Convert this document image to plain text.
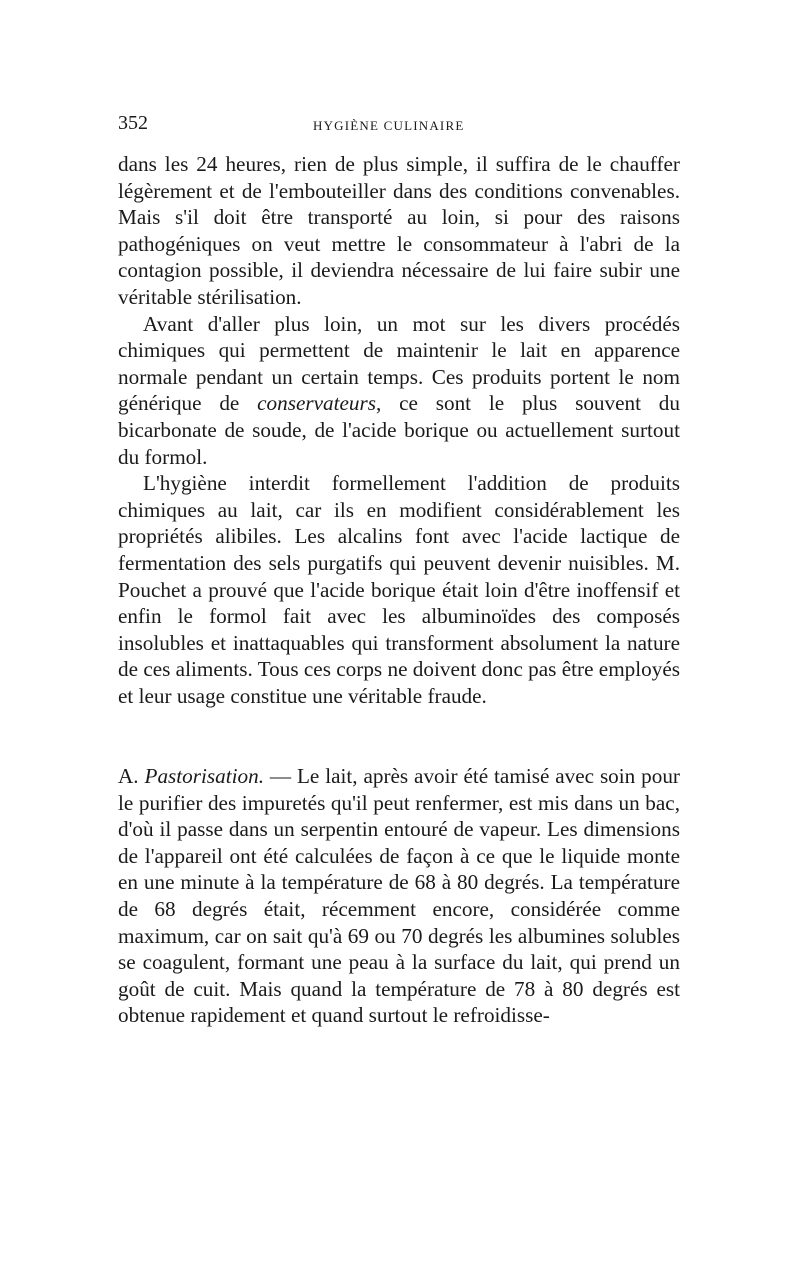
352	HYGIÈNE CULINAIRE

dans les 24 heures, rien de plus simple, il suffira de le chauffer légèrement et de l'embouteiller dans des conditions convenables. Mais s'il doit être transporté au loin, si pour des raisons pathogéniques on veut mettre le consommateur à l'abri de la contagion possible, il deviendra nécessaire de lui faire subir une véritable stérilisation.

Avant d'aller plus loin, un mot sur les divers procédés chimiques qui permettent de maintenir le lait en apparence normale pendant un certain temps. Ces produits portent le nom générique de conservateurs, ce sont le plus souvent du bicarbonate de soude, de l'acide borique ou actuellement surtout du formol.

L'hygiène interdit formellement l'addition de produits chimiques au lait, car ils en modifient considérablement les propriétés alibiles. Les alcalins font avec l'acide lactique de fermentation des sels purgatifs qui peuvent devenir nuisibles. M. Pouchet a prouvé que l'acide borique était loin d'être inoffensif et enfin le formol fait avec les albuminoïdes des composés insolubles et inattaquables qui transforment absolument la nature de ces aliments. Tous ces corps ne doivent donc pas être employés et leur usage constitue une véritable fraude.

A. Pastorisation. — Le lait, après avoir été tamisé avec soin pour le purifier des impuretés qu'il peut renfermer, est mis dans un bac, d'où il passe dans un serpentin entouré de vapeur. Les dimensions de l'appareil ont été calculées de façon à ce que le liquide monte en une minute à la température de 68 à 80 degrés. La température de 68 degrés était, récemment encore, considérée comme maximum, car on sait qu'à 69 ou 70 degrés les albumines solubles se coagulent, formant une peau à la surface du lait, qui prend un goût de cuit. Mais quand la température de 78 à 80 degrés est obtenue rapidement et quand surtout le refroidisse-
